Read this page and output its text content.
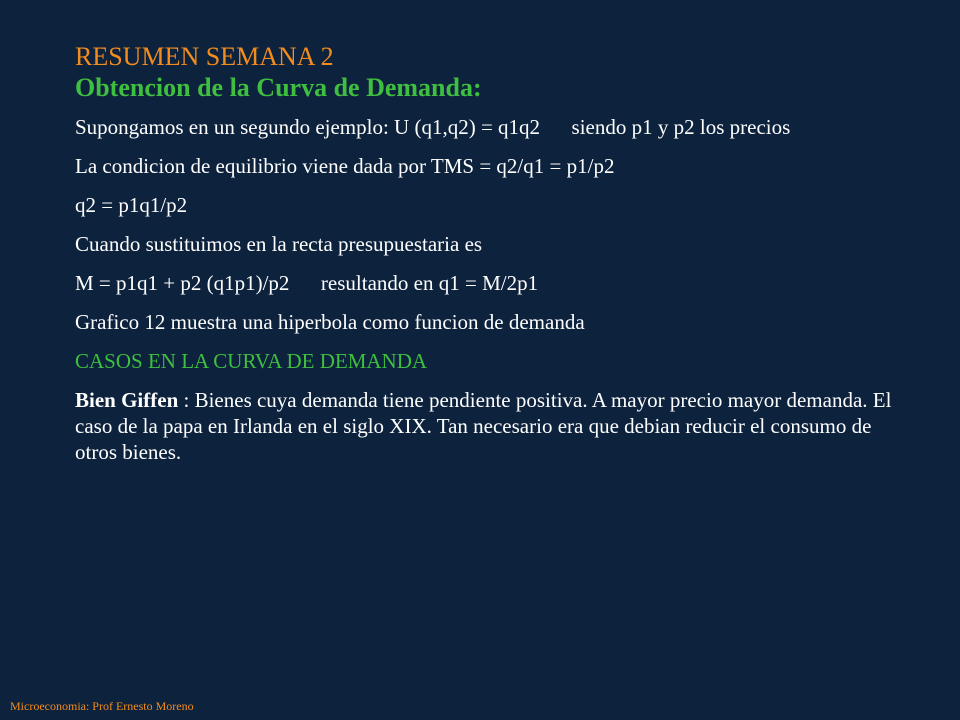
RESUMEN SEMANA 2

Obtencion de la Curva de Demanda:

Supongamos en un segundo ejemplo: U (q1,q2) = q1q2      siendo p1 y p2 los precios

La condicion de equilibrio viene dada por TMS = q2/q1 = p1/p2

q2 = p1q1/p2

Cuando sustituimos en la recta presupuestaria es

M = p1q1 + p2 (q1p1)/p2      resultando en q1 = M/2p1

Grafico 12 muestra una hiperbola como funcion de demanda

CASOS EN LA CURVA DE DEMANDA

Bien Giffen : Bienes cuya demanda tiene pendiente positiva. A mayor precio mayor demanda. El caso de la papa en Irlanda en el siglo XIX. Tan necesario era que debian reducir el consumo de otros bienes.

Microeconomia: Prof Ernesto Moreno
